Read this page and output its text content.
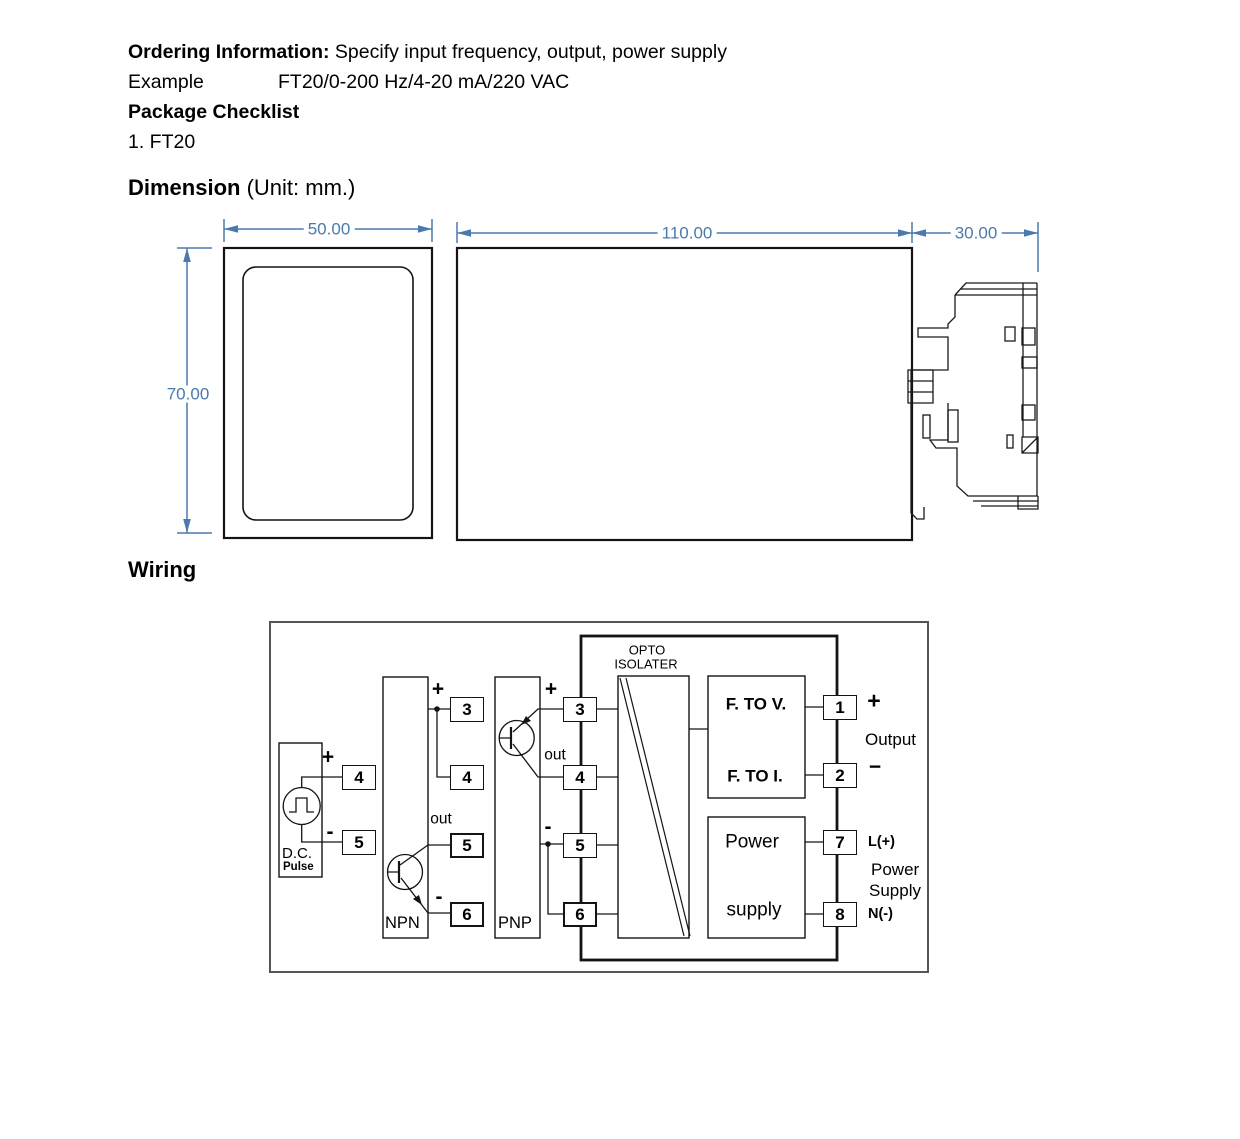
Ordering Information: Specify input frequency, output, power supply
Example	FT20/0-200 Hz/4-20 mA/220 VAC
Package Checklist
1. FT20
Dimension (Unit: mm.)
Wiring
50.00
70.00
110.00	30.00
4
5
3
4
5
6
3
4
5
6
1
2
7
8
+
-
D.C.
Pulse
NPN
+
out
-
PNP
+
out
-
OPTO
ISOLATER
F. TO V.
F. TO I.
Power
supply
+
Output
−
L(+)
Power
Supply
N(-)
